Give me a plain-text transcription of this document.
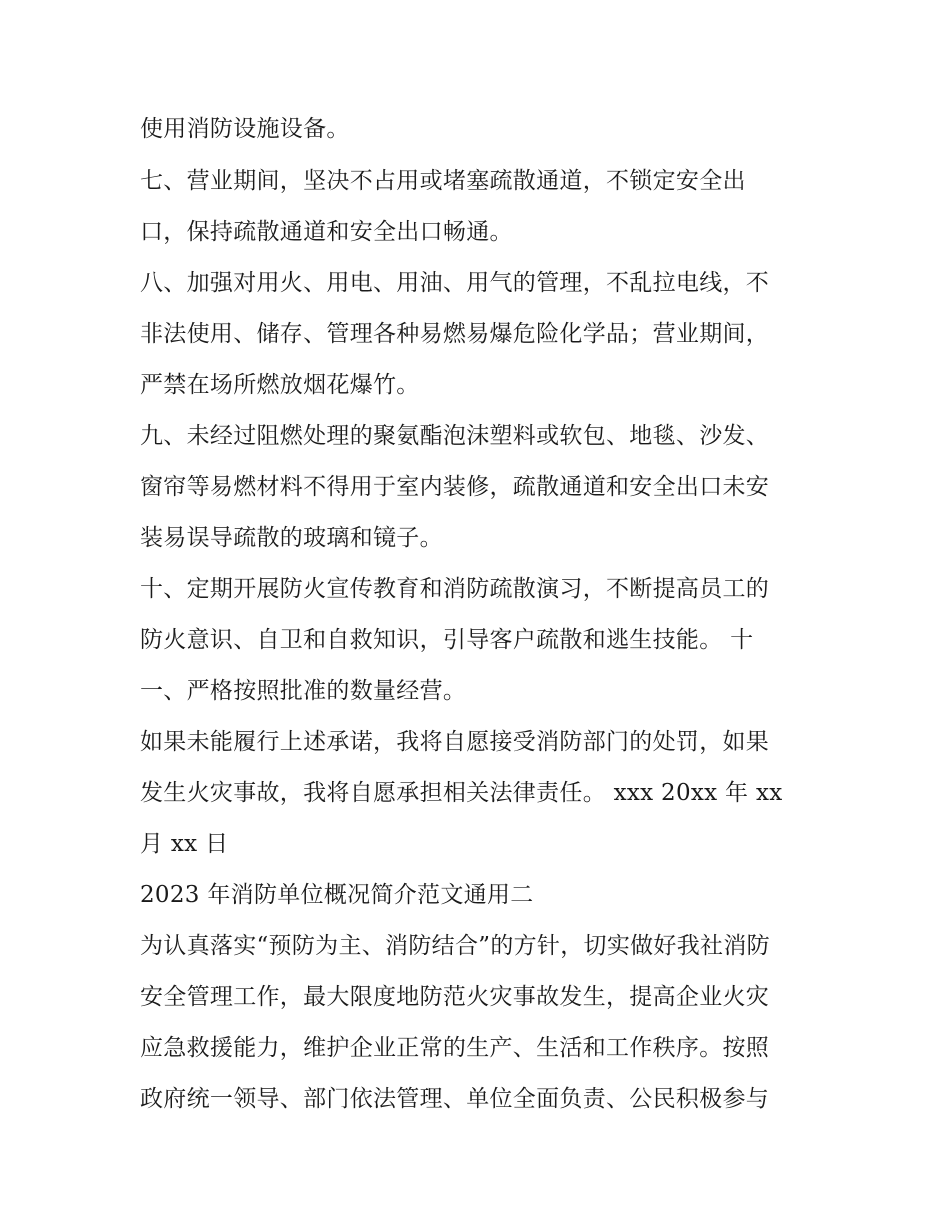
使用消防设施设备。

七、营业期间，坚决不占用或堵塞疏散通道，不锁定安全出

口，保持疏散通道和安全出口畅通。

八、加强对用火、用电、用油、用气的管理，不乱拉电线，不

非法使用、储存、管理各种易燃易爆危险化学品；营业期间，

严禁在场所燃放烟花爆竹。

九、未经过阻燃处理的聚氨酯泡沫塑料或软包、地毯、沙发、

窗帘等易燃材料不得用于室内装修，疏散通道和安全出口未安

装易误导疏散的玻璃和镜子。

十、定期开展防火宣传教育和消防疏散演习，不断提高员工的

防火意识、自卫和自救知识，引导客户疏散和逃生技能。 十

一、严格按照批准的数量经营。

如果未能履行上述承诺，我将自愿接受消防部门的处罚，如果

发生火灾事故，我将自愿承担相关法律责任。 xxx 20xx 年 xx

月 xx 日

2023 年消防单位概况简介范文通用二

为认真落实“预防为主、消防结合”的方针，切实做好我社消防

安全管理工作，最大限度地防范火灾事故发生，提高企业火灾

应急救援能力，维护企业正常的生产、生活和工作秩序。按照

政府统一领导、部门依法管理、单位全面负责、公民积极参与
